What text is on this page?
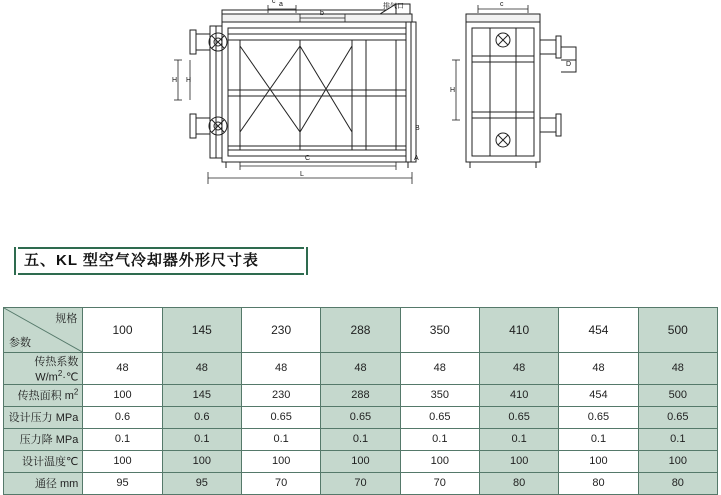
a
b
c
C
L
A
H H
排气口	c
H
B
D
五、KL 型空气冷却器外形尺寸表
规格
参数	100	145	230	288	350	410	454	500
传热系数 $W/m^2\cdot℃$	48	48	48	48	48	48	48	48
传热面积 $m^2$	100	145	230	288	350	410	454	500
设计压力 MPa	0.6	0.6	0.65	0.65	0.65	0.65	0.65	0.65
压力降 MPa	0.1	0.1	0.1	0.1	0.1	0.1	0.1	0.1
设计温度℃	100	100	100	100	100	100	100	100
通径 mm	95	95	70	70	70	80	80	80
